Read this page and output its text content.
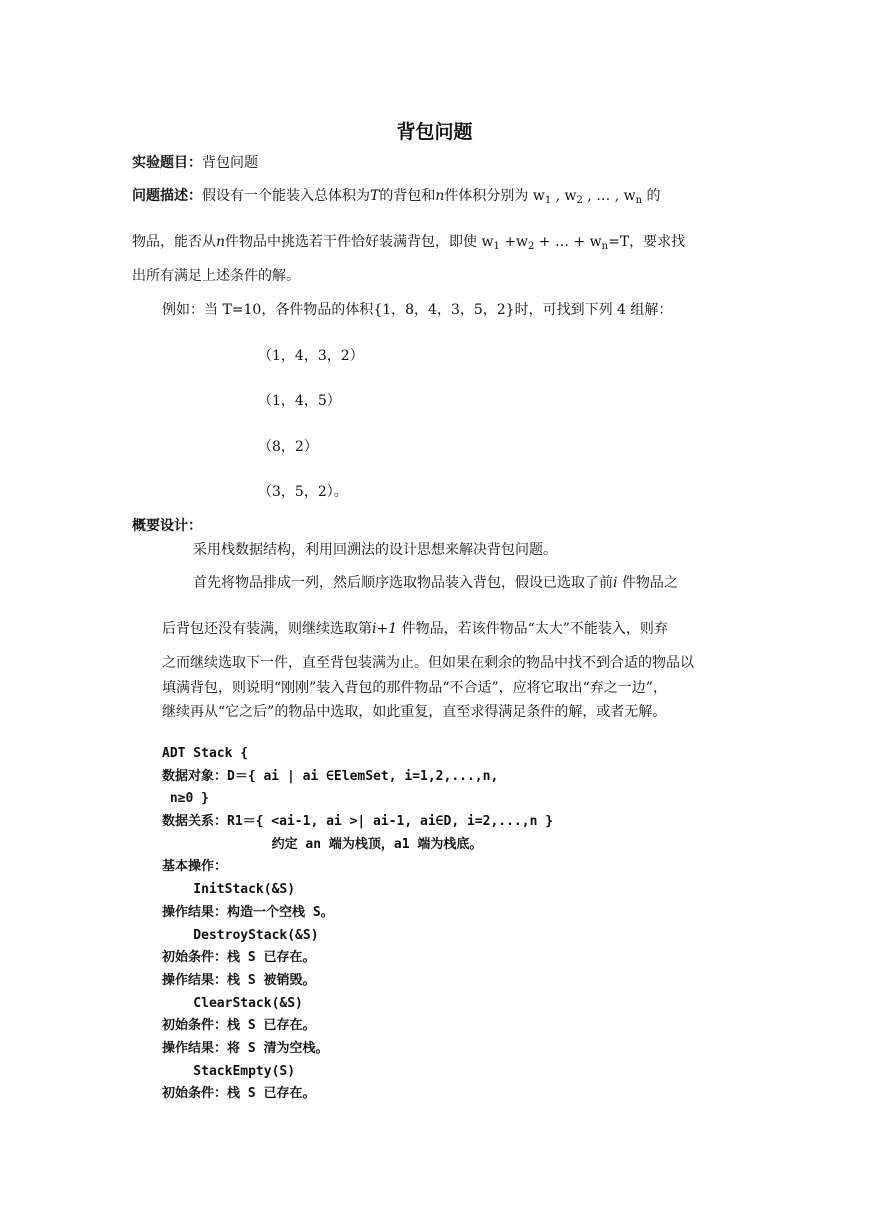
背包问题
实验题目：背包问题
问题描述：假设有一个能装入总体积为T的背包和n件体积分别为 $w_1$ , $w_2$ , … , $w_n$ 的
物品，能否从n件物品中挑选若干件恰好装满背包，即使 $w_1 +w_2$ + … + $w_n=T$，要求找
出所有满足上述条件的解。
例如：当 T=10，各件物品的体积{1，8，4，3，5，2}时，可找到下列 4 组解：
（1，4，3，2）
（1，4，5）
（8，2）
（3，5，2）。
概要设计：
采用栈数据结构，利用回溯法的设计思想来解决背包问题。
首先将物品排成一列，然后顺序选取物品装入背包，假设已选取了前i 件物品之
后背包还没有装满，则继续选取第i+1 件物品，若该件物品“太大”不能装入，则弃
之而继续选取下一件，直至背包装满为止。但如果在剩余的物品中找不到合适的物品以
填满背包，则说明“刚刚”装入背包的那件物品“不合适”，应将它取出“弃之一边”，
继续再从“它之后”的物品中选取，如此重复，直至求得满足条件的解，或者无解。
ADT Stack {
数据对象：D＝{ ai | ai ∈ElemSet, i=1,2,...,n,
n≥0 }
数据关系：R1＝{ <ai-1, ai >| ai-1, ai∈D, i=2,...,n }
约定 an 端为栈顶，a1 端为栈底。
基本操作：
InitStack(&S)
操作结果：构造一个空栈 S。
DestroyStack(&S)
初始条件：栈 S 已存在。
操作结果：栈 S 被销毁。
ClearStack(&S)
初始条件：栈 S 已存在。
操作结果：将 S 清为空栈。
StackEmpty(S)
初始条件：栈 S 已存在。
